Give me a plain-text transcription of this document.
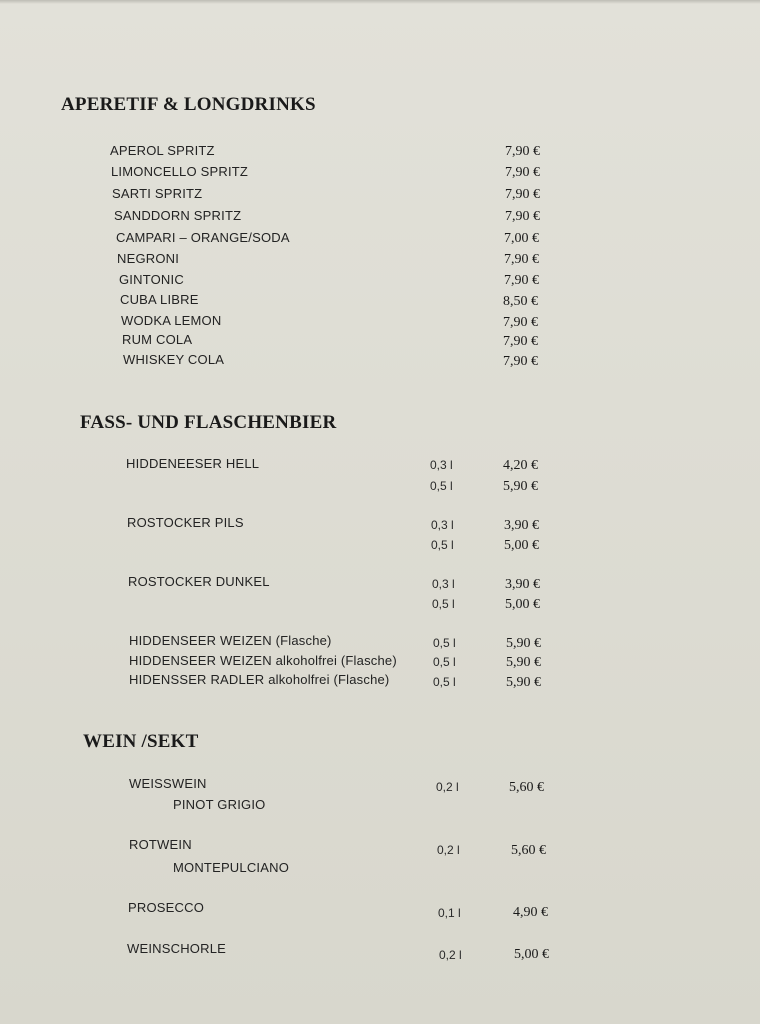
APERETIF & LONGDRINKS
APEROL SPRITZ	7,90 €
LIMONCELLO SPRITZ	7,90 €
SARTI SPRITZ	7,90 €
SANDDORN SPRITZ	7,90 €
CAMPARI – ORANGE/SODA	7,00 €
NEGRONI	7,90 €
GINTONIC	7,90 €
CUBA LIBRE	8,50 €
WODKA LEMON	7,90 €
RUM COLA	7,90 €
WHISKEY COLA	7,90 €
FASS- UND FLASCHENBIER
HIDDENEESER HELL	0,3 l	4,20 €
0,5 l	5,90 €
ROSTOCKER PILS	0,3 l	3,90 €
0,5 l	5,00 €
ROSTOCKER DUNKEL	0,3 l	3,90 €
0,5 l	5,00 €
HIDDENSEER WEIZEN (Flasche)	0,5 l	5,90 €
HIDDENSEER WEIZEN alkoholfrei (Flasche)	0,5 l	5,90 €
HIDENSSER RADLER alkoholfrei (Flasche)	0,5 l	5,90 €
WEIN /SEKT
WEISSWEIN
PINOT GRIGIO
0,2 l	5,60 €
ROTWEIN
MONTEPULCIANO
0,2 l	5,60 €
PROSECCO	0,1 l	4,90 €
WEINSCHORLE	0,2 l	5,00 €
